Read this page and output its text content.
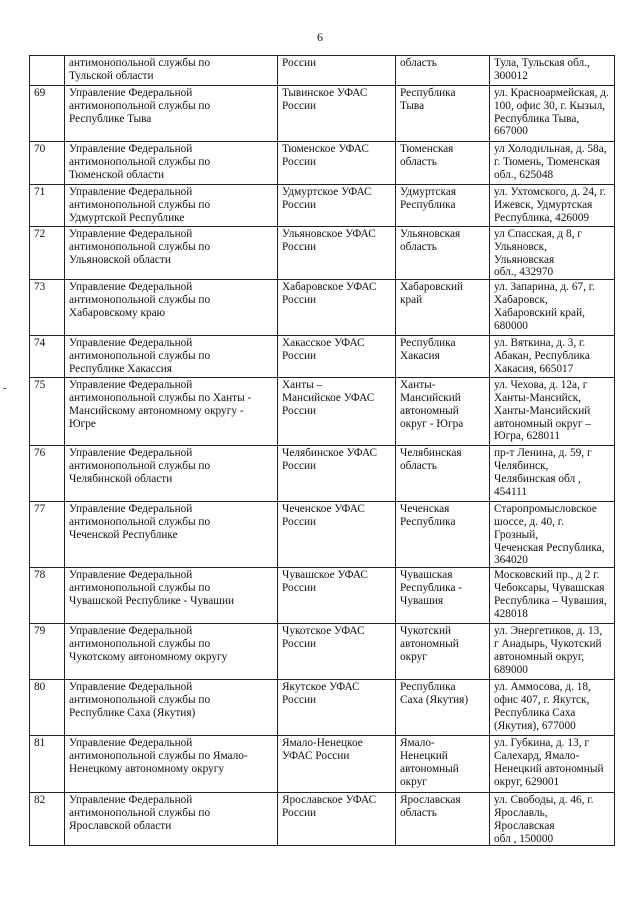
6
-
	антимонопольной службы по
Тульской области	России	область	Тула, Тульская обл.,
300012
69	Управление Федеральной
антимонопольной службы по
Республике Тыва	Тывинское УФАС
России	Республика
Тыва	ул. Красноармейская, д.
100, офис 30, г. Кызыл,
Республика Тыва,
667000
70	Управление Федеральной
антимонопольной службы по
Тюменской области	Тюменское УФАС
России	Тюменская
область	ул Холодильная, д. 58а,
г. Тюмень, Тюменская
обл., 625048
71	Управление Федеральной
антимонопольной службы по
Удмуртской Республике	Удмуртское УФАС
России	Удмуртская
Республика	ул. Ухтомского, д. 24, г.
Ижевск, Удмуртская
Республика, 426009
72	Управление Федеральной
антимонопольной службы по
Ульяновской области	Ульяновское УФАС
России	Ульяновская
область	ул Спасская, д 8, г
Ульяновск, Ульяновская
обл., 432970
73	Управление Федеральной
антимонопольной службы по
Хабаровскому краю	Хабаровское УФАС
России	Хабаровский
край	ул. Запарина, д. 67, г.
Хабаровск,
Хабаровский край,
680000
74	Управление Федеральной
антимонопольной службы по
Республике Хакассия	Хакасское УФАС
России	Республика
Хакасия	ул. Вяткина, д. 3, г.
Абакан, Республика
Хакасия, 665017
75	Управление Федеральной
антимонопольной службы по Ханты -
Мансийскому автономному округу -
Югре	Ханты –
Мансийское УФАС
России	Ханты-
Мансийский
автономный
округ - Югра	ул. Чехова, д. 12а, г
Ханты-Мансийск,
Ханты-Мансийский
автономный округ –
Югра, 628011
76	Управление Федеральной
антимонопольной службы по
Челябинской области	Челябинское УФАС
России	Челябинская
область	пр-т Ленина, д. 59, г
Челябинск,
Челябинская обл ,
454111
77	Управление Федеральной
антимонопольной службы по
Чеченской Республике	Чеченское УФАС
России	Чеченская
Республика	Старопромысловское
шоссе, д. 40, г. Грозный,
Чеченская Республика,
364020
78	Управление Федеральной
антимонопольной службы по
Чувашской Республике - Чувашии	Чувашское УФАС
России	Чувашская
Республика -
Чувашия	Московский пр., д 2 г.
Чебоксары, Чувашская
Республика – Чувашия,
428018
79	Управление Федеральной
антимонопольной службы по
Чукотскому автономному округу	Чукотское УФАС
России	Чукотский
автономный
округ	ул. Энергетиков, д. 13,
г Анадырь, Чукотский
автономный округ,
689000
80	Управление Федеральной
антимонопольной службы по
Республике Саха (Якутия)	Якутское УФАС
России	Республика
Саха (Якутия)	ул. Аммосова, д. 18,
офис 407, г. Якутск,
Республика Саха
(Якутия), 677000
81	Управление Федеральной
антимонопольной службы по Ямало-
Ненецкому автономному округу	Ямало-Ненецкое
УФАС России	Ямало-
Ненецкий
автономный
округ	ул. Губкина, д. 13, г
Салехард, Ямало-
Ненецкий автономный
округ, 629001
82	Управление Федеральной
антимонопольной службы по
Ярославской области	Ярославское УФАС
России	Ярославская
область	ул. Свободы, д. 46, г.
Ярославль, Ярославская
обл , 150000
